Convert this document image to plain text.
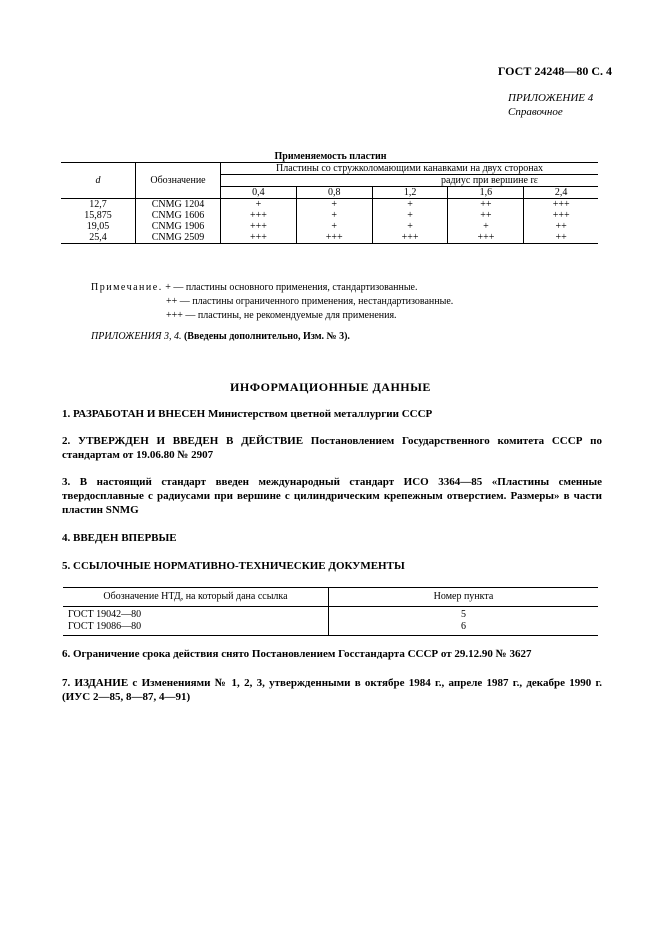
ГОСТ 24248—80 С. 4
ПРИЛОЖЕНИЕ 4
Справочное
Применяемость пластин
d	Обозначение	Пластины со стружколомающими канавками на двух сторонах				
		радиус при вершине rε				
		0,4	0,8	1,2	1,6	2,4
12,7	CNMG 1204	+	+	+	++	+++
15,875	CNMG 1606	+++	+	+	++	+++
19,05	CNMG 1906	+++	+	+	+	++
25,4	CNMG 2509	+++	+++	+++	+++	++
Примечание. + — пластины основного применения, стандартизованные.
++ — пластины ограниченного применения, нестандартизованные.
+++ — пластины, не рекомендуемые для применения.
ПРИЛОЖЕНИЯ 3, 4. (Введены дополнительно, Изм. № 3).
ИНФОРМАЦИОННЫЕ ДАННЫЕ
1. РАЗРАБОТАН И ВНЕСЕН Министерством цветной металлургии СССР
2. УТВЕРЖДЕН И ВВЕДЕН В ДЕЙСТВИЕ Постановлением Государственного комитета СССР по стандартам от 19.06.80 № 2907
3. В настоящий стандарт введен международный стандарт ИСО 3364—85 «Пластины сменные твердосплавные с радиусами при вершине с цилиндрическим крепежным отверстием. Размеры» в части пластин SNMG
4. ВВЕДЕН ВПЕРВЫЕ
5. ССЫЛОЧНЫЕ НОРМАТИВНО-ТЕХНИЧЕСКИЕ ДОКУМЕНТЫ
Обозначение НТД, на который дана ссылка	Номер пункта
ГОСТ 19042—80	5
ГОСТ 19086—80	6
6. Ограничение срока действия снято Постановлением Госстандарта СССР от 29.12.90 № 3627
7. ИЗДАНИЕ с Изменениями № 1, 2, 3, утвержденными в октябре 1984 г., апреле 1987 г., декабре 1990 г. (ИУС 2—85, 8—87, 4—91)
